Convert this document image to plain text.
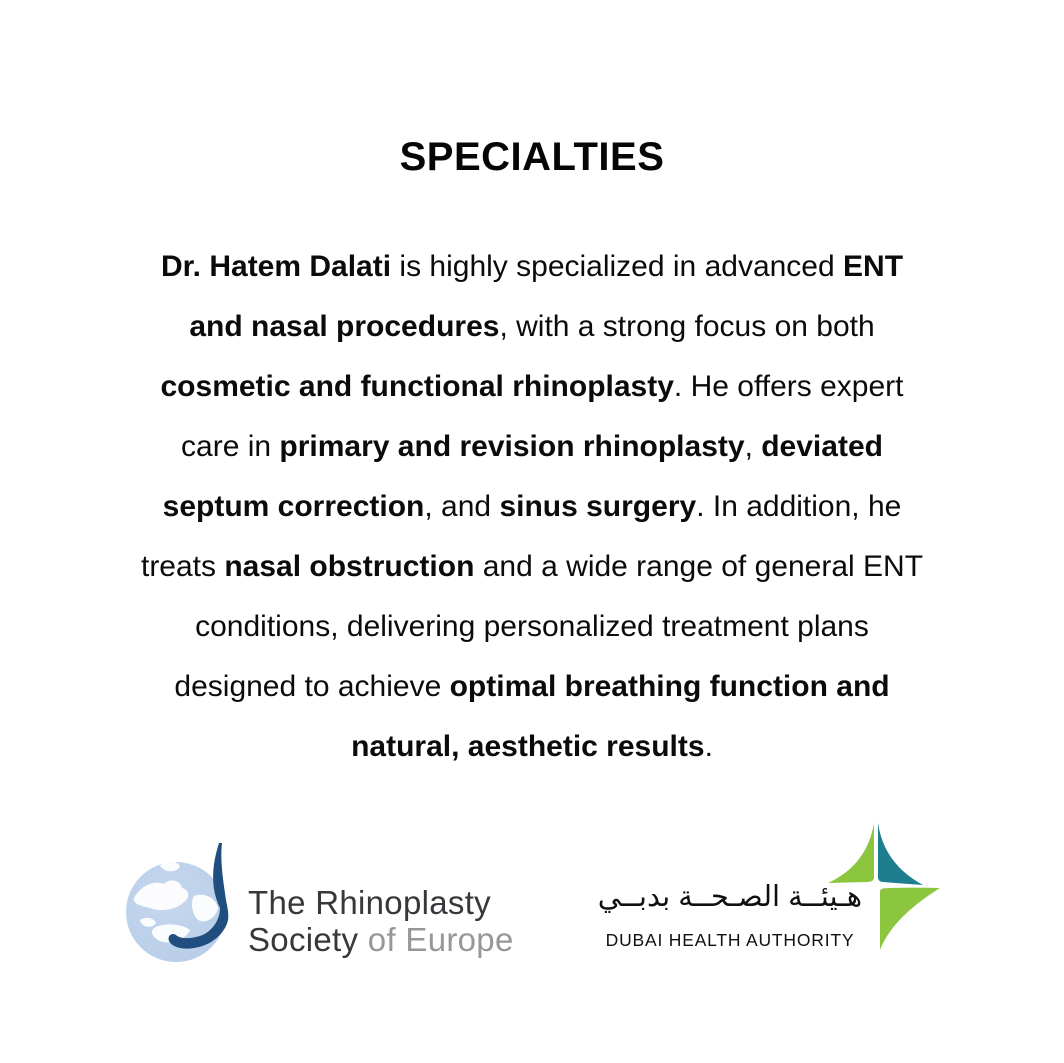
SPECIALTIES
Dr. Hatem Dalati is highly specialized in advanced ENT
and nasal procedures, with a strong focus on both
cosmetic and functional rhinoplasty. He offers expert
care in primary and revision rhinoplasty, deviated
septum correction, and sinus surgery. In addition, he
treats nasal obstruction and a wide range of general ENT
conditions, delivering personalized treatment plans
designed to achieve optimal breathing function and
natural, aesthetic results.
The Rhinoplasty
Society of Europe
هـيئــة الصـحــة بدبــي
DUBAI HEALTH AUTHORITY
